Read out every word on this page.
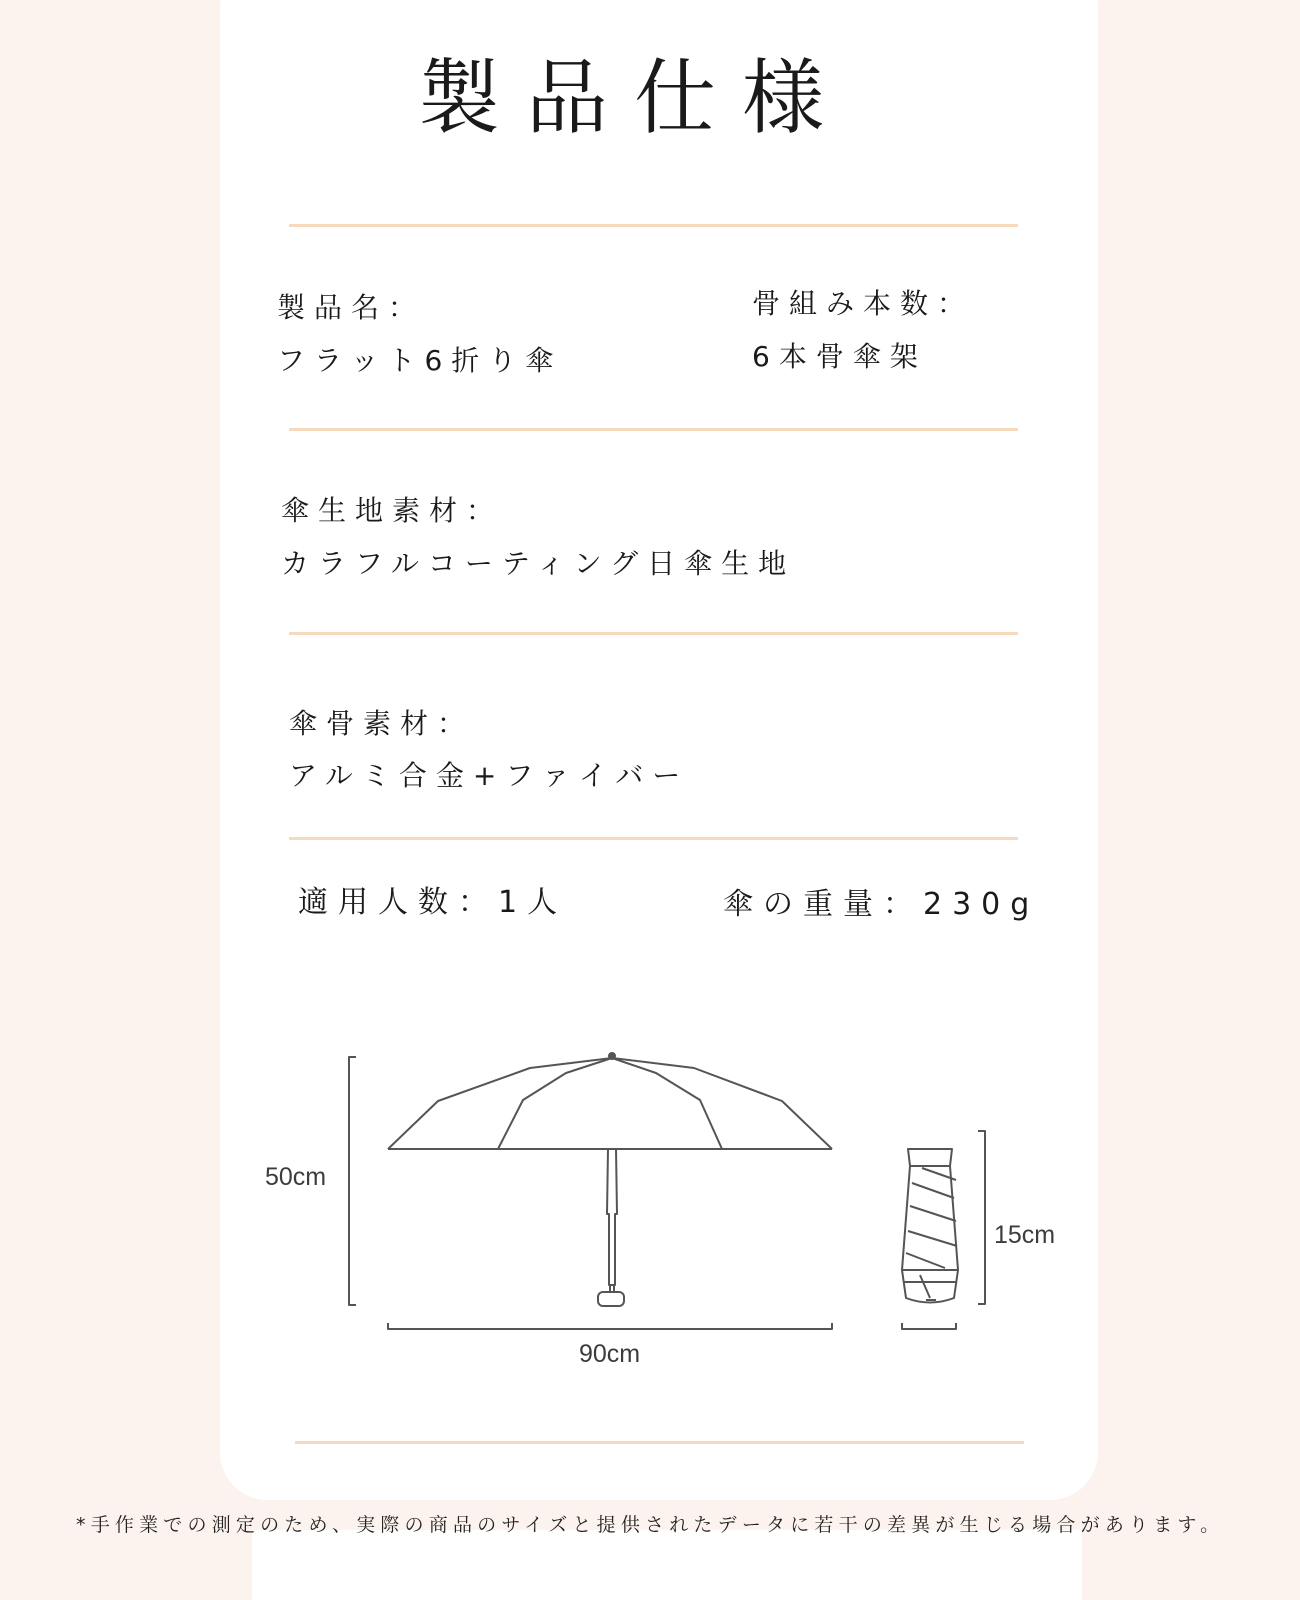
製品仕様
製品名：
フラット6折り傘
骨組み本数：
6本骨傘架
傘生地素材：
カラフルコーティング日傘生地
傘骨素材：
アルミ合金+ファイバー
適用人数：1人	傘の重量：230g
50cm
90cm
15cm
*手作業での測定のため、実際の商品のサイズと提供されたデータに若干の差異が生じる場合があります。
